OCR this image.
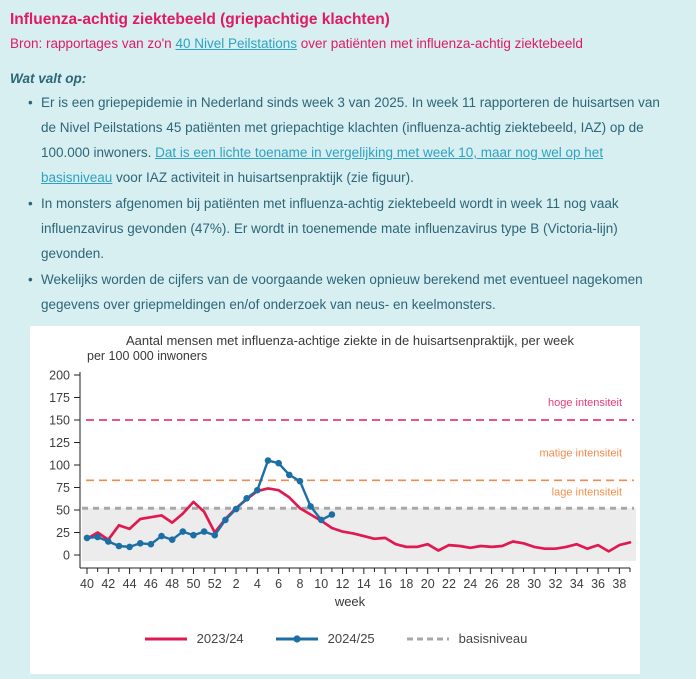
Influenza-achtig ziektebeeld (griepachtige klachten)

Bron: rapportages van zo'n 40 Nivel Peilstations over patiënten met influenza-achtig ziektebeeld

Wat valt op:

• Er is een griepepidemie in Nederland sinds week 3 van 2025. In week 11 rapporteren de huisartsen van de Nivel Peilstations 45 patiënten met griepachtige klachten (influenza-achtig ziektebeeld, IAZ) op de 100.000 inwoners. Dat is een lichte toename in vergelijking met week 10, maar nog wel op het basisniveau voor IAZ activiteit in huisartsenpraktijk (zie figuur).
• In monsters afgenomen bij patiënten met influenza-achtig ziektebeeld wordt in week 11 nog vaak influenzavirus gevonden (47%). Er wordt in toenemende mate influenzavirus type B (Victoria-lijn) gevonden.
• Wekelijks worden de cijfers van de voorgaande weken opnieuw berekend met eventueel nagekomen gegevens over griepmeldingen en/of onderzoek van neus- en keelmonsters.
Aantal mensen met influenza-achtige ziekte in de huisartsenpraktijk, per week
per 100 000 inwoners
hoge intensiteit
matige intensiteit
lage intensiteit
0
25
50
75
100
125
150
175
200
40 42 44 46 48 50 52 2 4 6 8 10 12 14 16 18 20 22 24 26 28 30 32 34 36 38
week
2023/24	2024/25	basisniveau
